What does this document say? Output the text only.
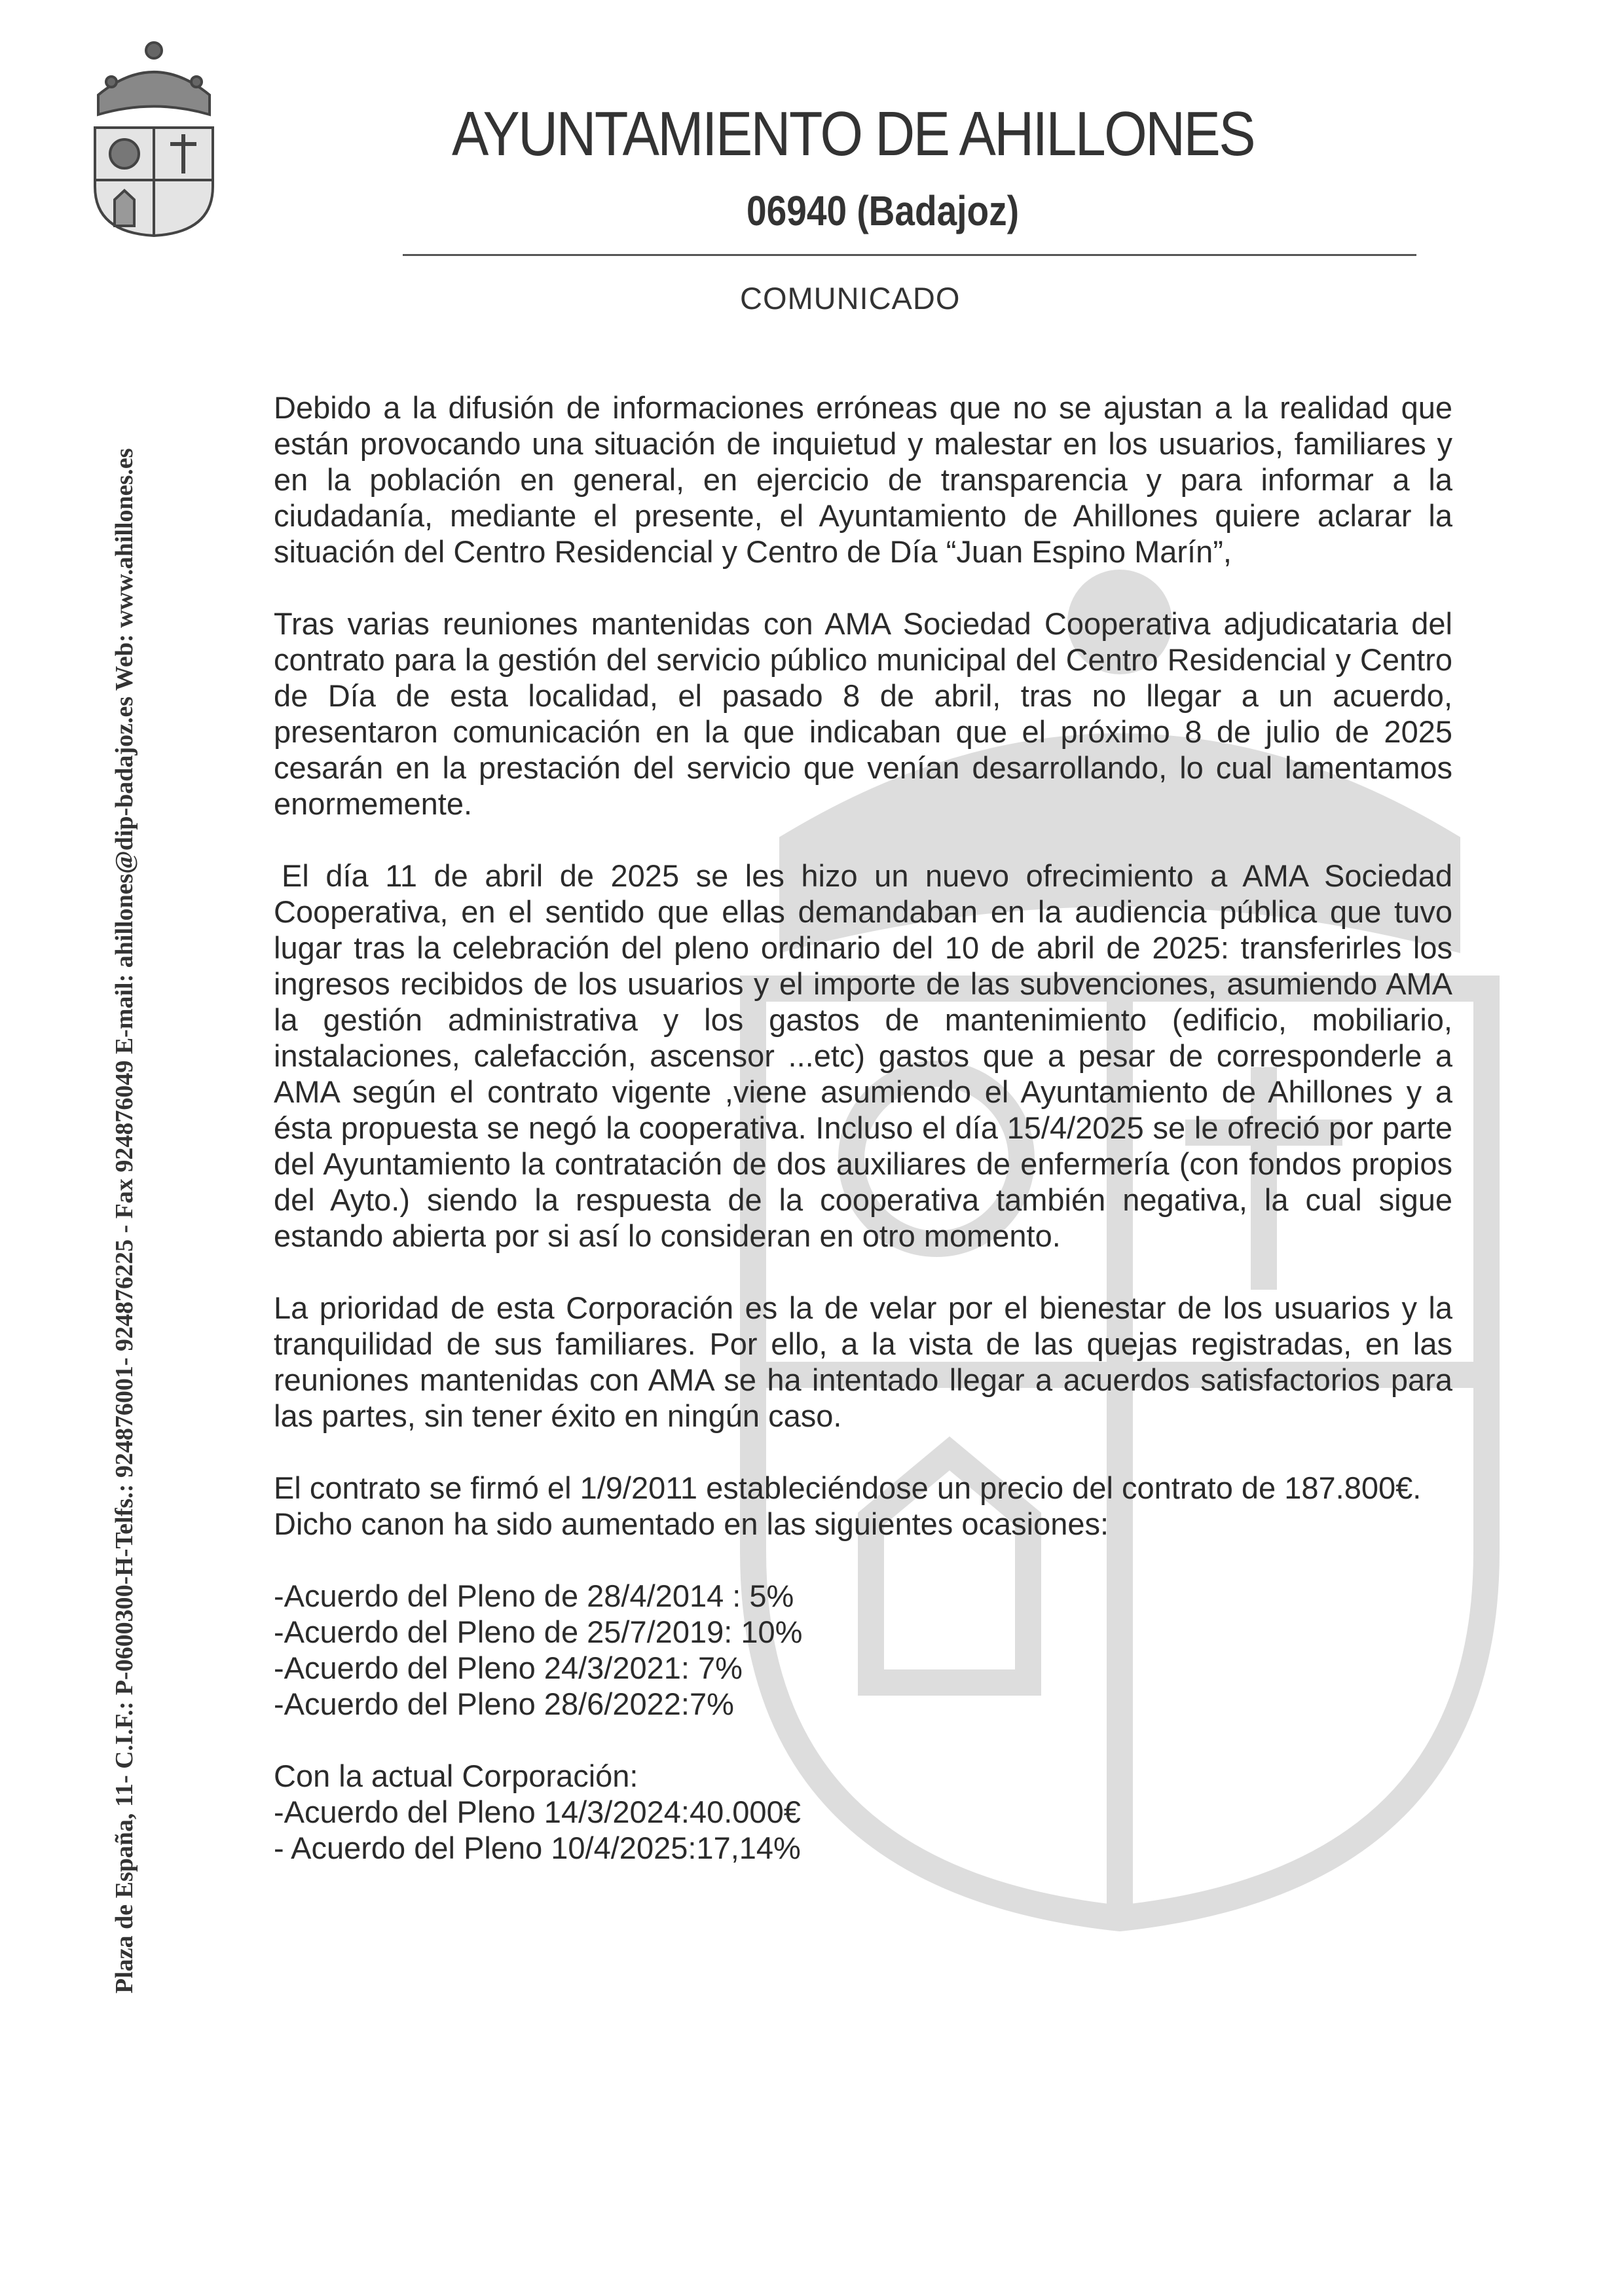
AYUNTAMIENTO DE AHILLONES
06940 (Badajoz)
COMUNICADO
Plaza de España, 11- C.I.F.: P-0600300-H-Telfs.: 924876001- 924876225 - Fax 924876049 E-mail: ahillones@dip-badajoz.es Web: www.ahillones.es

Debido a la difusión de informaciones erróneas que no se ajustan a la realidad que están provocando una situación de inquietud y malestar en los usuarios, familiares y en la población en general, en ejercicio de transparencia y para informar a la ciudadanía, mediante el presente, el Ayuntamiento de Ahillones quiere aclarar la situación del Centro Residencial y Centro de Día “Juan Espino Marín”,

Tras varias reuniones mantenidas con AMA Sociedad Cooperativa adjudicataria del contrato para la gestión del servicio público municipal del Centro Residencial y Centro de Día de esta localidad, el pasado 8 de abril, tras no llegar a un acuerdo, presentaron comunicación en la que indicaban que el próximo 8 de julio de 2025 cesarán en la prestación del servicio que venían desarrollando, lo cual lamentamos enormemente.

El día 11 de abril de 2025 se les hizo un nuevo ofrecimiento a AMA Sociedad Cooperativa, en el sentido que ellas demandaban en la audiencia pública que tuvo lugar tras la celebración del pleno ordinario del 10 de abril de 2025: transferirles los ingresos recibidos de los usuarios y el importe de las subvenciones, asumiendo AMA la gestión administrativa y los gastos de mantenimiento (edificio, mobiliario, instalaciones, calefacción, ascensor ...etc) gastos que a pesar de corresponderle a AMA según el contrato vigente ,viene asumiendo el Ayuntamiento de Ahillones y a ésta propuesta se negó la cooperativa. Incluso el día 15/4/2025 se le ofreció por parte del Ayuntamiento la contratación de dos auxiliares de enfermería (con fondos propios del Ayto.) siendo la respuesta de la cooperativa también negativa, la cual sigue estando abierta por si así lo consideran en otro momento.

La prioridad de esta Corporación es la de velar por el bienestar de los usuarios y la tranquilidad de sus familiares. Por ello, a la vista de las quejas registradas, en las reuniones mantenidas con AMA se ha intentado llegar a acuerdos satisfactorios para las partes, sin tener éxito en ningún caso.

El contrato se firmó el 1/9/2011 estableciéndose un precio del contrato de 187.800€.

Dicho canon ha sido aumentado en las siguientes ocasiones:
-Acuerdo del Pleno de 28/4/2014 : 5%
-Acuerdo del Pleno de 25/7/2019: 10%
-Acuerdo del Pleno 24/3/2021: 7%
-Acuerdo del Pleno 28/6/2022:7%
Con la actual Corporación:
-Acuerdo del Pleno 14/3/2024:40.000€
- Acuerdo del Pleno 10/4/2025:17,14%
